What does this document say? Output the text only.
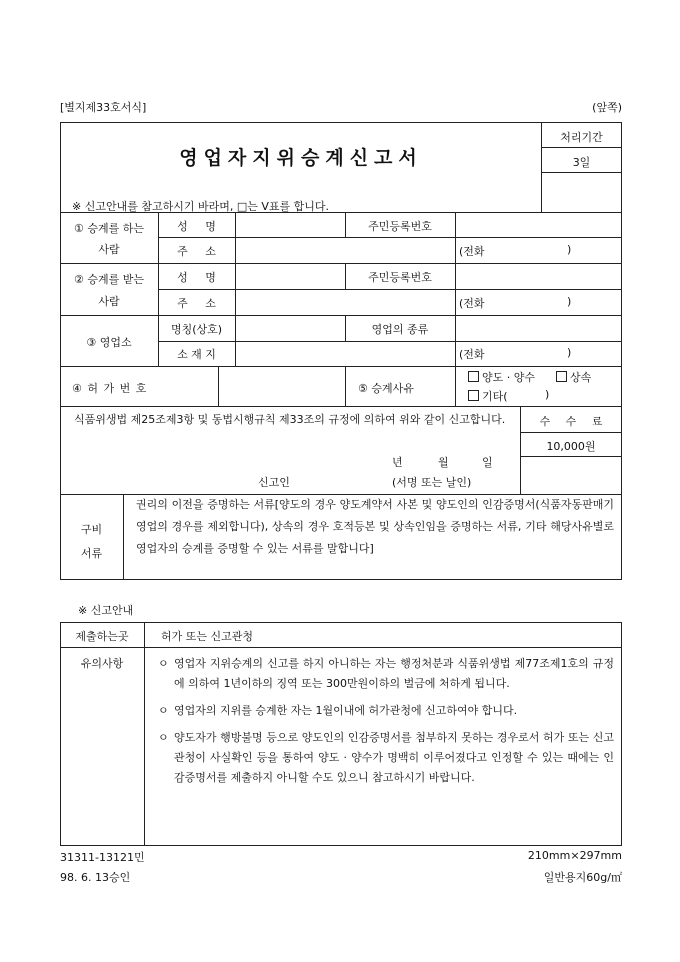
[별지제33호서식]	(앞쪽)
영업자지위승계신고서
처리기간
3일
※ 신고안내를 참고하시기 바라며, □는 V표를 합니다.
① 승계를 하는
사람
성 명	주민등록번호
주 소	(전화	)
② 승계를 받는
사람
성 명	주민등록번호
주 소	(전화	)
③ 영업소
명칭(상호)	영업의 종류
소 재 지	(전화	)
④ 허 가 번 호	⑤ 승계사유
양도 · 양수	상속
기타(	)
식품위생법 제25조제3항 및 동법시행규칙 제33조의 규정에 의하여 위와 같이 신고합니다.
년	월	일
신고인	(서명 또는 날인)
수 수 료
10,000원
구비
서류
권리의 이전을 증명하는 서류[양도의 경우 양도계약서 사본 및 양도인의 인감증명서(식품자동판매기영업의 경우를 제외합니다), 상속의 경우 호적등본 및 상속인임을 증명하는 서류, 기타 해당사유별로 영업자의 승계를 증명할 수 있는 서류를 말합니다]
※ 신고안내
제출하는곳	허가 또는 신고관청
유의사항	ㅇ 영업자 지위승계의 신고를 하지 아니하는 자는 행정처분과 식품위생법 제77조제1호의 규정에 의하여 1년이하의 징역 또는 300만원이하의 벌금에 처하게 됩니다.
ㅇ 영업자의 지위를 승계한 자는 1월이내에 허가관청에 신고하여야 합니다.
ㅇ 양도자가 행방불명 등으로 양도인의 인감증명서를 첨부하지 못하는 경우로서 허가 또는 신고관청이 사실확인 등을 통하여 양도 · 양수가 명백히 이루어졌다고 인정할 수 있는 때에는 인감증명서를 제출하지 아니할 수도 있으니 참고하시기 바랍니다.
31311-13121민
98. 6. 13승인
210mm×297mm
일반용지60g/㎡
